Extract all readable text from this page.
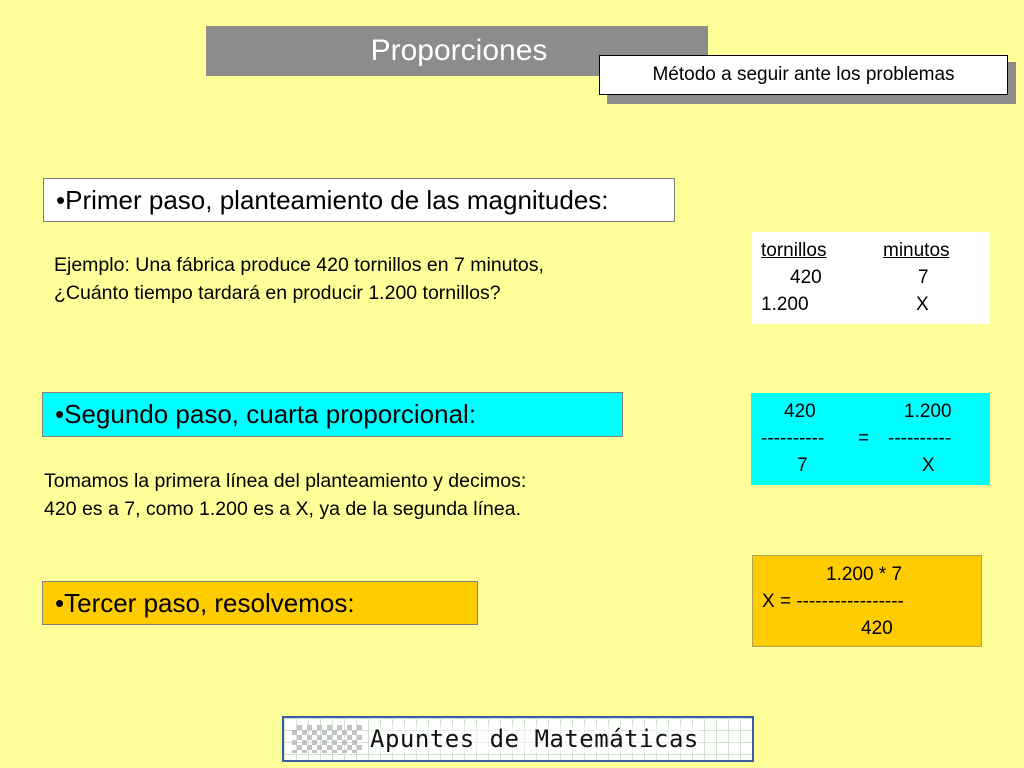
Proporciones
Método a seguir ante los problemas
•Primer paso, planteamiento de las magnitudes:
Ejemplo: Una fábrica produce 420 tornillos en 7 minutos,
¿Cuánto tiempo tardará en producir 1.200 tornillos?
tornillos	minutos
420	7
1.200	X
•Segundo paso, cuarta proporcional:	420	1.200
---------- = ----------
7	X
Tomamos la primera línea del planteamiento y decimos:
420 es a 7, como 1.200 es a X, ya de la segunda línea.
1.200 * 7
X = -----------------
420
•Tercer paso, resolvemos:
Apuntes de Matemáticas
